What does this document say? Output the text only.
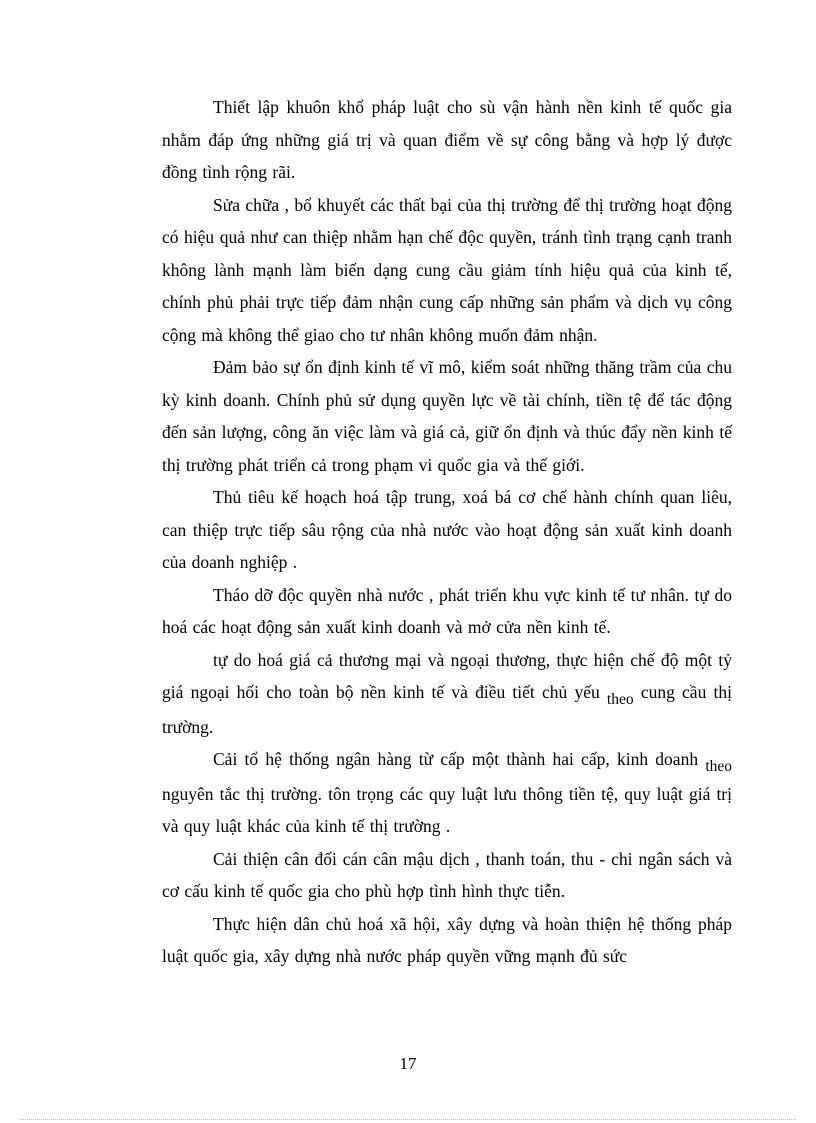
Thiết lập khuôn khổ pháp luật cho sù vận hành nền kinh tế quốc gia nhằm đáp ứng những giá trị và quan điểm về sự công bằng và hợp lý được đồng tình rộng rãi.

Sửa chữa , bổ khuyết các thất bại của thị trường để thị trường hoạt động có hiệu quả như can thiệp nhằm hạn chế độc quyền, tránh tình trạng cạnh tranh không lành mạnh làm biến dạng cung cầu giảm tính hiệu quả của kinh tế, chính phủ phải trực tiếp đảm nhận cung cấp những sản phẩm và dịch vụ công cộng mà không thể giao cho tư nhân không muốn đảm nhận.

Đảm bảo sự ổn định kinh tế vĩ mô, kiểm soát những thăng trầm của chu kỳ kinh doanh. Chính phủ sử dụng quyền lực về tài chính, tiền tệ để tác động đến sản lượng, công ăn việc làm và giá cả, giữ ổn định và thúc đẩy nền kinh tế thị trường phát triển cả trong phạm vi quốc gia và thế giới.

Thủ tiêu kế hoạch hoá tập trung, xoá bá cơ chế hành chính quan liêu, can thiệp trực tiếp sâu rộng của nhà nước vào hoạt động sản xuất kinh doanh của doanh nghiệp .

Tháo dỡ độc quyền nhà nước , phát triển khu vực kinh tế tư nhân. tự do hoá các hoạt động sản xuất kinh doanh và mở cửa nền kinh tế.

tự do hoá giá cả thương mại và ngoại thương, thực hiện chế độ một tỷ giá ngoại hối cho toàn bộ nền kinh tế và điều tiết chủ yếu theo cung cầu thị trường.

Cải tổ hệ thống ngân hàng từ cấp một thành hai cấp, kinh doanh theo nguyên tắc thị trường. tôn trọng các quy luật lưu thông tiền tệ, quy luật giá trị và quy luật khác của kinh tế thị trường .

Cải thiện cân đối cán cân mậu dịch , thanh toán, thu - chi ngân sách và cơ cấu kinh tế quốc gia cho phù hợp tình hình thực tiễn.

Thực hiện dân chủ hoá xã hội, xây dựng và hoàn thiện hệ thống pháp luật quốc gia, xây dựng nhà nước pháp quyền vững mạnh đủ sức

17
